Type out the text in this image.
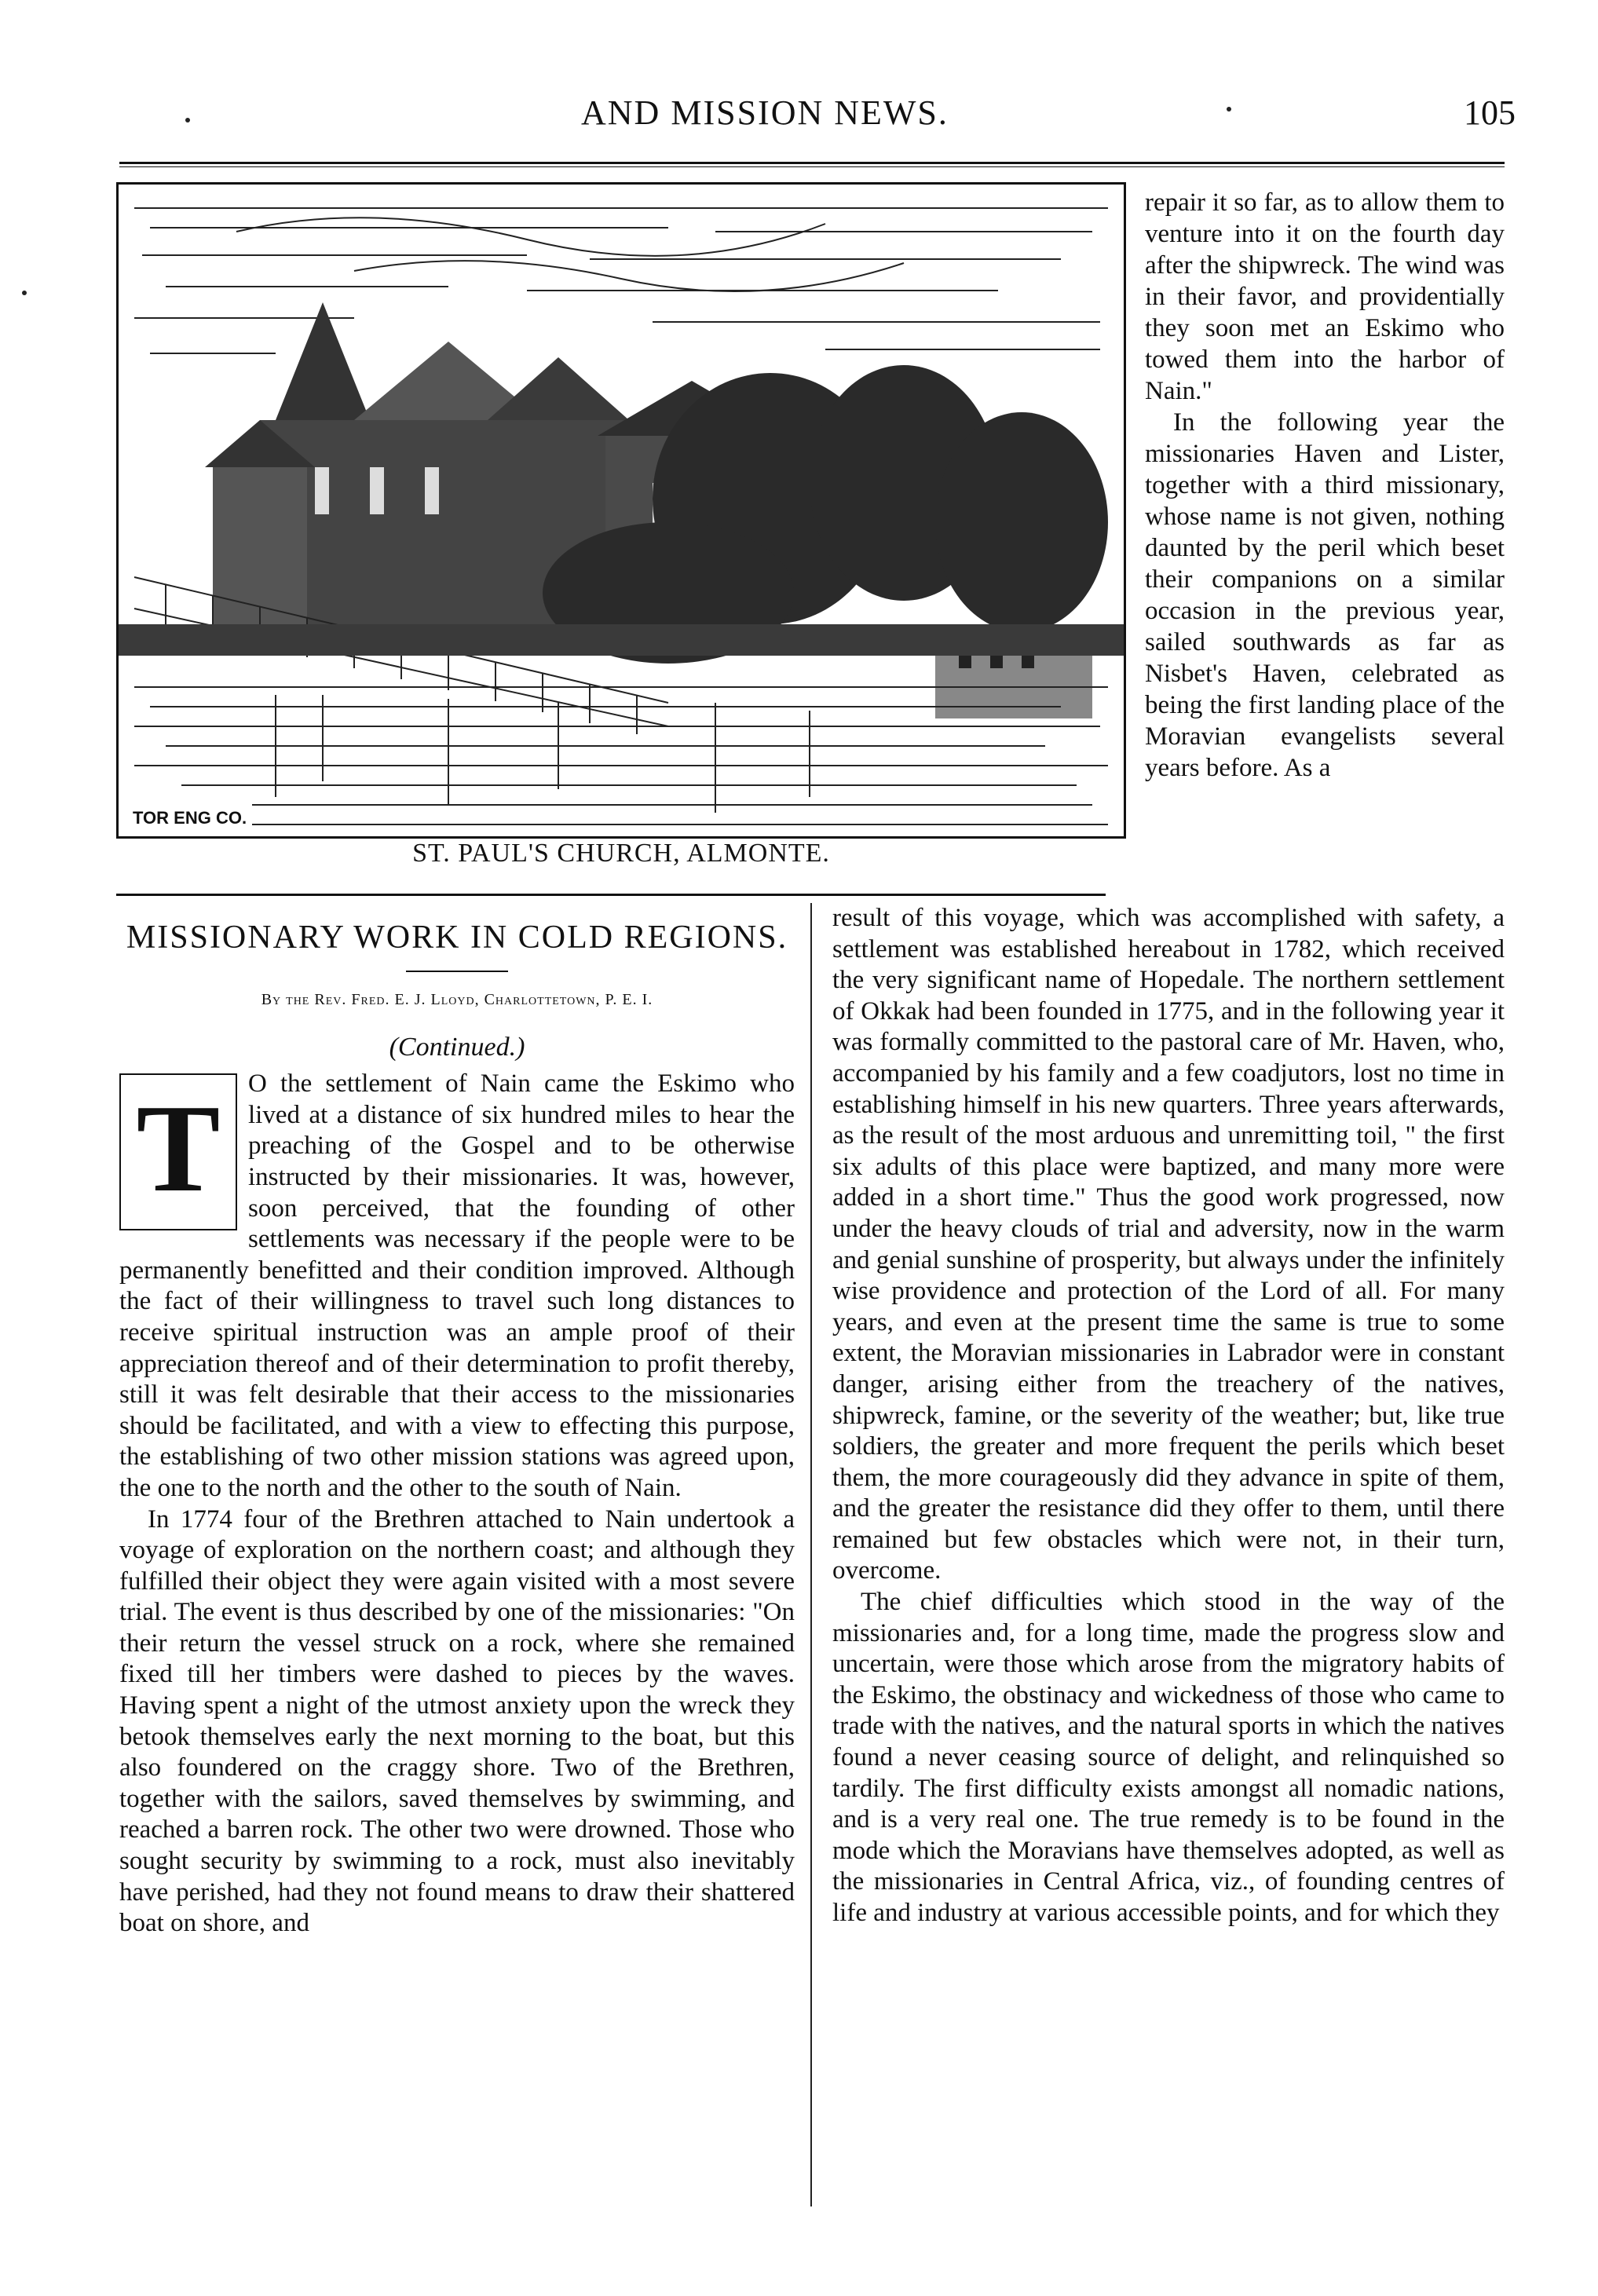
AND MISSION NEWS.	105
TOR ENG CO.
ST. PAUL'S CHURCH, ALMONTE.

repair it so far, as to allow them to venture into it on the fourth day after the shipwreck. The wind was in their favor, and providentially they soon met an Eskimo who towed them into the harbor of Nain."

In the following year the missionaries Haven and Lister, together with a third missionary, whose name is not given, nothing daunted by the peril which beset their companions on a similar occasion in the previous year, sailed southwards as far as Nisbet's Haven, celebrated as being the first landing place of the Moravian evangelists several years before. As a

MISSIONARY WORK IN COLD REGIONS.
By the Rev. Fred. E. J. Lloyd, Charlottetown, P. E. I.
(Continued.)
T	O the settlement of Nain came the Eskimo who lived at a distance of six hundred miles to hear the preaching of the Gospel and to be otherwise instructed by their missionaries. It was, however, soon perceived, that the founding of other settlements was necessary if the people were to be permanently benefitted and their condition improved. Although the fact of their willingness to travel such long distances to receive spiritual instruction was an ample proof of their appreciation thereof and of their determination to profit thereby, still it was felt desirable that their access to the missionaries should be facilitated, and with a view to effecting this purpose, the establishing of two other mission stations was agreed upon, the one to the north and the other to the south of Nain.

In 1774 four of the Brethren attached to Nain undertook a voyage of exploration on the northern coast; and although they fulfilled their object they were again visited with a most severe trial. The event is thus described by one of the missionaries: "On their return the vessel struck on a rock, where she remained fixed till her timbers were dashed to pieces by the waves. Having spent a night of the utmost anxiety upon the wreck they betook themselves early the next morning to the boat, but this also foundered on the craggy shore. Two of the Brethren, together with the sailors, saved themselves by swimming, and reached a barren rock. The other two were drowned. Those who sought security by swimming to a rock, must also inevitably have perished, had they not found means to draw their shattered boat on shore, and

result of this voyage, which was accomplished with safety, a settlement was established hereabout in 1782, which received the very significant name of Hopedale. The northern settlement of Okkak had been founded in 1775, and in the following year it was formally committed to the pastoral care of Mr. Haven, who, accompanied by his family and a few coadjutors, lost no time in establishing himself in his new quarters. Three years afterwards, as the result of the most arduous and unremitting toil, " the first six adults of this place were baptized, and many more were added in a short time." Thus the good work progressed, now under the heavy clouds of trial and adversity, now in the warm and genial sunshine of prosperity, but always under the infinitely wise providence and protection of the Lord of all. For many years, and even at the present time the same is true to some extent, the Moravian missionaries in Labrador were in constant danger, arising either from the treachery of the natives, shipwreck, famine, or the severity of the weather; but, like true soldiers, the greater and more frequent the perils which beset them, the more courageously did they advance in spite of them, and the greater the resistance did they offer to them, until there remained but few obstacles which were not, in their turn, overcome.

The chief difficulties which stood in the way of the missionaries and, for a long time, made the progress slow and uncertain, were those which arose from the migratory habits of the Eskimo, the obstinacy and wickedness of those who came to trade with the natives, and the natural sports in which the natives found a never ceasing source of delight, and relinquished so tardily. The first difficulty exists amongst all nomadic nations, and is a very real one. The true remedy is to be found in the mode which the Moravians have themselves adopted, as well as the missionaries in Central Africa, viz., of founding centres of life and industry at various accessible points, and for which they
